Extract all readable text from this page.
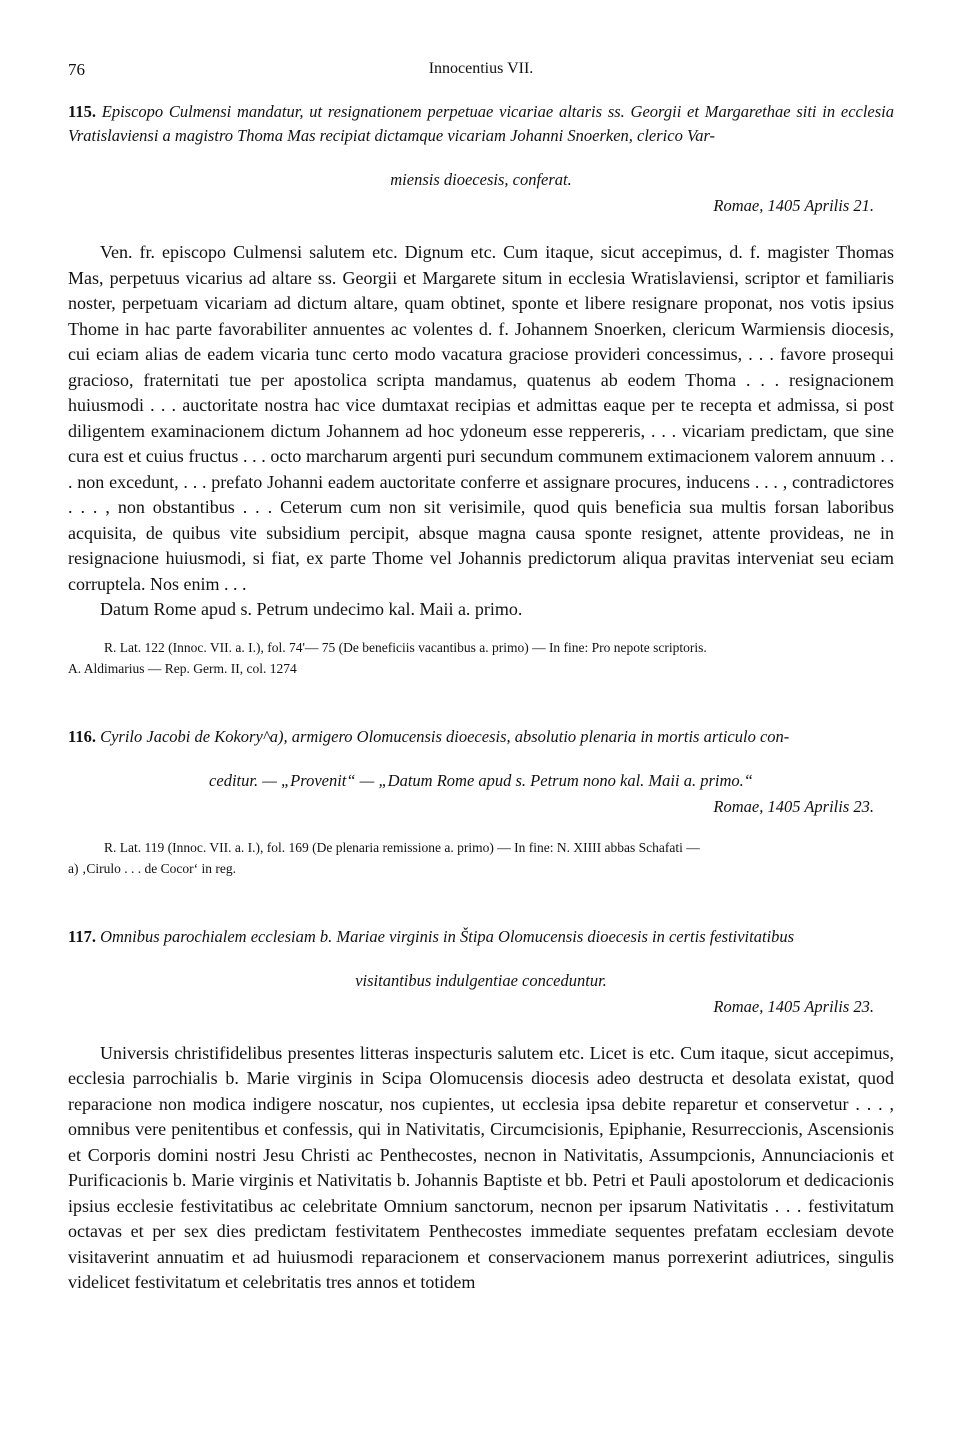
76	Innocentius VII.
115. Episcopo Culmensi mandatur, ut resignationem perpetuae vicariae altaris ss. Georgii et Margarethae siti in ecclesia Vratislaviensi a magistro Thoma Mas recipiat dictamque vicariam Johanni Snoerken, clerico Var-
miensis dioecesis, conferat.
Romae, 1405 Aprilis 21.
Ven. fr. episcopo Culmensi salutem etc. Dignum etc. Cum itaque, sicut accepimus, d. f. magister Thomas Mas, perpetuus vicarius ad altare ss. Georgii et Margarete situm in ecclesia Wratislaviensi, scriptor et familiaris noster, perpetuam vicariam ad dictum altare, quam obtinet, sponte et libere resignare proponat, nos votis ipsius Thome in hac parte favorabiliter annuentes ac volentes d. f. Johannem Snoerken, clericum Warmiensis diocesis, cui eciam alias de eadem vicaria tunc certo modo vacatura graciose provideri concessimus, . . . favore prosequi gracioso, fraternitati tue per apostolica scripta mandamus, quatenus ab eodem Thoma . . . resignacionem huiusmodi . . . auctoritate nostra hac vice dumtaxat recipias et admittas eaque per te recepta et admissa, si post diligentem examinacionem dictum Johannem ad hoc ydoneum esse reppereris, . . . vicariam predictam, que sine cura est et cuius fructus . . . octo marcharum argenti puri secundum communem extimacionem valorem annuum . . . non excedunt, . . . prefato Johanni eadem auctoritate conferre et assignare procures, inducens . . . , contradictores . . . , non obstantibus . . . Ceterum cum non sit verisimile, quod quis beneficia sua multis forsan laboribus acquisita, de quibus vite subsidium percipit, absque magna causa sponte resignet, attente provideas, ne in resignacione huiusmodi, si fiat, ex parte Thome vel Johannis predictorum aliqua pravitas interveniat seu eciam corruptela. Nos enim . . .
Datum Rome apud s. Petrum undecimo kal. Maii a. primo.
R. Lat. 122 (Innoc. VII. a. I.), fol. 74'— 75 (De beneficiis vacantibus a. primo) — In fine: Pro nepote scriptoris.
A. Aldimarius — Rep. Germ. II, col. 1274
116. Cyrilo Jacobi de Kokory^a), armigero Olomucensis dioecesis, absolutio plenaria in mortis articulo con-
ceditur. — „Provenit“ — „Datum Rome apud s. Petrum nono kal. Maii a. primo.“
Romae, 1405 Aprilis 23.
R. Lat. 119 (Innoc. VII. a. I.), fol. 169 (De plenaria remissione a. primo) — In fine: N. XIIII abbas Schafati —
a) ‚Cirulo . . . de Cocor‘ in reg.
117. Omnibus parochialem ecclesiam b. Mariae virginis in Štipa Olomucensis dioecesis in certis festivitatibus
visitantibus indulgentiae conceduntur.
Romae, 1405 Aprilis 23.
Universis christifidelibus presentes litteras inspecturis salutem etc. Licet is etc. Cum itaque, sicut accepimus, ecclesia parrochialis b. Marie virginis in Scipa Olomucensis diocesis adeo destructa et desolata existat, quod reparacione non modica indigere noscatur, nos cupientes, ut ecclesia ipsa debite reparetur et conservetur . . . , omnibus vere penitentibus et confessis, qui in Nativitatis, Circumcisionis, Epiphanie, Resurreccionis, Ascensionis et Corporis domini nostri Jesu Christi ac Penthecostes, necnon in Nativitatis, Assumpcionis, Annunciacionis et Purificacionis b. Marie virginis et Nativitatis b. Johannis Baptiste et bb. Petri et Pauli apostolorum et dedicacionis ipsius ecclesie festivitatibus ac celebritate Omnium sanctorum, necnon per ipsarum Nativitatis . . . festivitatum octavas et per sex dies predictam festivitatem Penthecostes immediate sequentes prefatam ecclesiam devote visitaverint annuatim et ad huiusmodi reparacionem et conservacionem manus porrexerint adiutrices, singulis videlicet festivitatum et celebritatis tres annos et totidem
